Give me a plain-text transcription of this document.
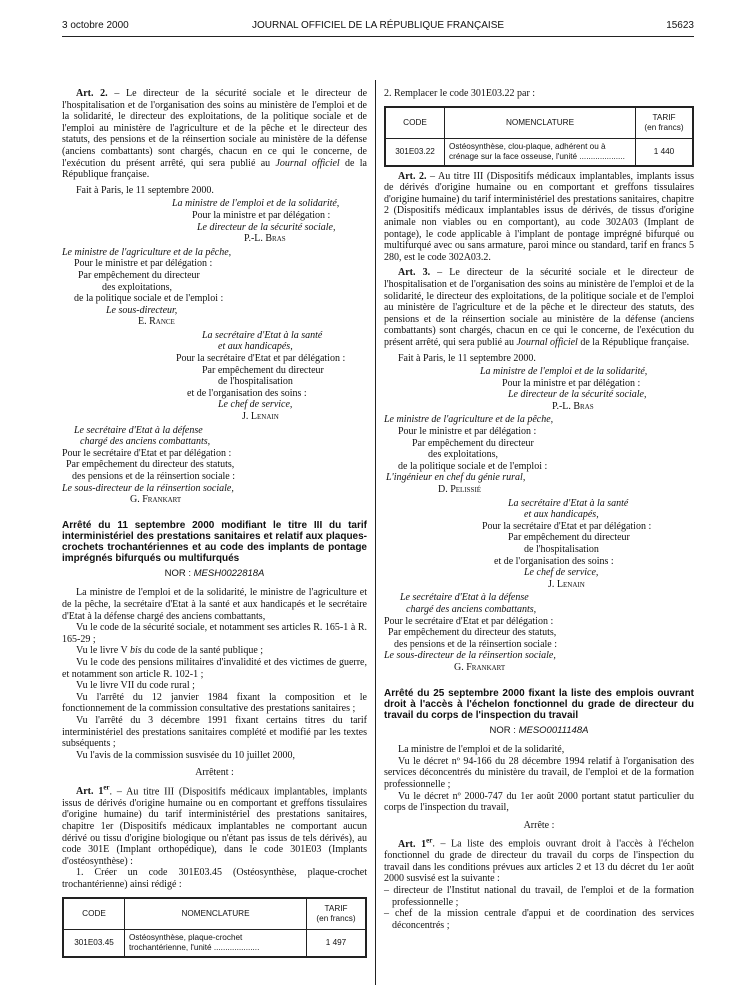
3 octobre 2000	JOURNAL OFFICIEL DE LA RÉPUBLIQUE FRANÇAISE	15623

Art. 2. – Le directeur de la sécurité sociale et le directeur de l'hospitalisation et de l'organisation des soins au ministère de l'emploi et de la solidarité, le directeur des exploitations, de la politique sociale et de l'emploi au ministère de l'agriculture et de la pêche et le directeur des statuts, des pensions et de la réinsertion sociale au ministère de la défense (anciens combattants) sont chargés, chacun en ce qui le concerne, de l'exécution du présent arrêté, qui sera publié au Journal officiel de la République française.

Fait à Paris, le 11 septembre 2000.

La ministre de l'emploi et de la solidarité,

Pour la ministre et par délégation :

Le directeur de la sécurité sociale,

P.-L. Bras

Le ministre de l'agriculture et de la pêche,

Pour le ministre et par délégation :

Par empêchement du directeur

des exploitations,

de la politique sociale et de l'emploi :

Le sous-directeur,

E. Rance

La secrétaire d'Etat à la santé

et aux handicapés,

Pour la secrétaire d'Etat et par délégation :

Par empêchement du directeur

de l'hospitalisation

et de l'organisation des soins :

Le chef de service,

J. Lenain

Le secrétaire d'Etat à la défense

chargé des anciens combattants,

Pour le secrétaire d'Etat et par délégation :

Par empêchement du directeur des statuts,

des pensions et de la réinsertion sociale :

Le sous-directeur de la réinsertion sociale,

G. Frankart

Arrêté du 11 septembre 2000 modifiant le titre III du tarif interministériel des prestations sanitaires et relatif aux plaques-crochets trochantériennes et au code des implants de pontage imprégnés bifurqués ou multifurqués

NOR : MESH0022818A

La ministre de l'emploi et de la solidarité, le ministre de l'agriculture et de la pêche, la secrétaire d'Etat à la santé et aux handicapés et le secrétaire d'Etat à la défense chargé des anciens combattants,

Vu le code de la sécurité sociale, et notamment ses articles R. 165-1 à R. 165-29 ;

Vu le livre V bis du code de la santé publique ;

Vu le code des pensions militaires d'invalidité et des victimes de guerre, et notamment son article R. 102-1 ;

Vu le livre VII du code rural ;

Vu l'arrêté du 12 janvier 1984 fixant la composition et le fonctionnement de la commission consultative des prestations sanitaires ;

Vu l'arrêté du 3 décembre 1991 fixant certains titres du tarif interministériel des prestations sanitaires complété et modifié par les textes subséquents ;

Vu l'avis de la commission susvisée du 10 juillet 2000,

Arrêtent :

Art. 1er. – Au titre III (Dispositifs médicaux implantables, implants issus de dérivés d'origine humaine ou en comportant et greffons tissulaires d'origine humaine) du tarif interministériel des prestations sanitaires, chapitre 1er (Dispositifs médicaux implantables ne comportant aucun dérivé ou tissu d'origine biologique ou n'étant pas issus de tels dérivés), au code 301E (Implant orthopédique), dans le code 301E03 (Implants d'ostéosynthèse) :

1. Créer un code 301E03.45 (Ostéosynthèse, plaque-crochet trochantérienne) ainsi rédigé :

CODE	NOMENCLATURE	TARIF
(en francs)
301E03.45	Ostéosynthèse, plaque-crochet trochantérienne, l'unité ....................	1 497

2. Remplacer le code 301E03.22 par :

CODE	NOMENCLATURE	TARIF
(en francs)
301E03.22	Ostéosynthèse, clou-plaque, adhérent ou à crénage sur la face osseuse, l'unité ....................	1 440

Art. 2. – Au titre III (Dispositifs médicaux implantables, implants issus de dérivés d'origine humaine ou en comportant et greffons tissulaires d'origine humaine) du tarif interministériel des prestations sanitaires, chapitre 2 (Dispositifs médicaux implantables issus de dérivés, de tissus d'origine animale non viables ou en comportant), au code 302A03 (Implant de pontage), le code applicable à l'implant de pontage imprégné bifurqué ou multifurqué avec ou sans armature, paroi mince ou standard, tarif en francs 5 280, est le code 302A03.2.

Art. 3. – Le directeur de la sécurité sociale et le directeur de l'hospitalisation et de l'organisation des soins au ministère de l'emploi et de la solidarité, le directeur des exploitations, de la politique sociale et de l'emploi au ministère de l'agriculture et de la pêche et le directeur des statuts, des pensions et de la réinsertion sociale au ministère de la défense (anciens combattants) sont chargés, chacun en ce qui le concerne, de l'exécution du présent arrêté, qui sera publié au Journal officiel de la République française.

Fait à Paris, le 11 septembre 2000.

La ministre de l'emploi et de la solidarité,

Pour la ministre et par délégation :

Le directeur de la sécurité sociale,

P.-L. Bras

Le ministre de l'agriculture et de la pêche,

Pour le ministre et par délégation :

Par empêchement du directeur

des exploitations,

de la politique sociale et de l'emploi :

L'ingénieur en chef du génie rural,

D. Pelissié

La secrétaire d'Etat à la santé

et aux handicapés,

Pour la secrétaire d'Etat et par délégation :

Par empêchement du directeur

de l'hospitalisation

et de l'organisation des soins :

Le chef de service,

J. Lenain

Le secrétaire d'Etat à la défense

chargé des anciens combattants,

Pour le secrétaire d'Etat et par délégation :

Par empêchement du directeur des statuts,

des pensions et de la réinsertion sociale :

Le sous-directeur de la réinsertion sociale,

G. Frankart

Arrêté du 25 septembre 2000 fixant la liste des emplois ouvrant droit à l'accès à l'échelon fonctionnel du grade de directeur du travail du corps de l'inspection du travail

NOR : MESO0011148A

La ministre de l'emploi et de la solidarité,

Vu le décret nº 94-166 du 28 décembre 1994 relatif à l'organisation des services déconcentrés du ministère du travail, de l'emploi et de la formation professionnelle ;

Vu le décret nº 2000-747 du 1er août 2000 portant statut particulier du corps de l'inspection du travail,

Arrête :

Art. 1er. – La liste des emplois ouvrant droit à l'accès à l'échelon fonctionnel du grade de directeur du travail du corps de l'inspection du travail dans les conditions prévues aux articles 2 et 13 du décret du 1er août 2000 susvisé est la suivante :

– directeur de l'Institut national du travail, de l'emploi et de la formation professionnelle ;

– chef de la mission centrale d'appui et de coordination des services déconcentrés ;
